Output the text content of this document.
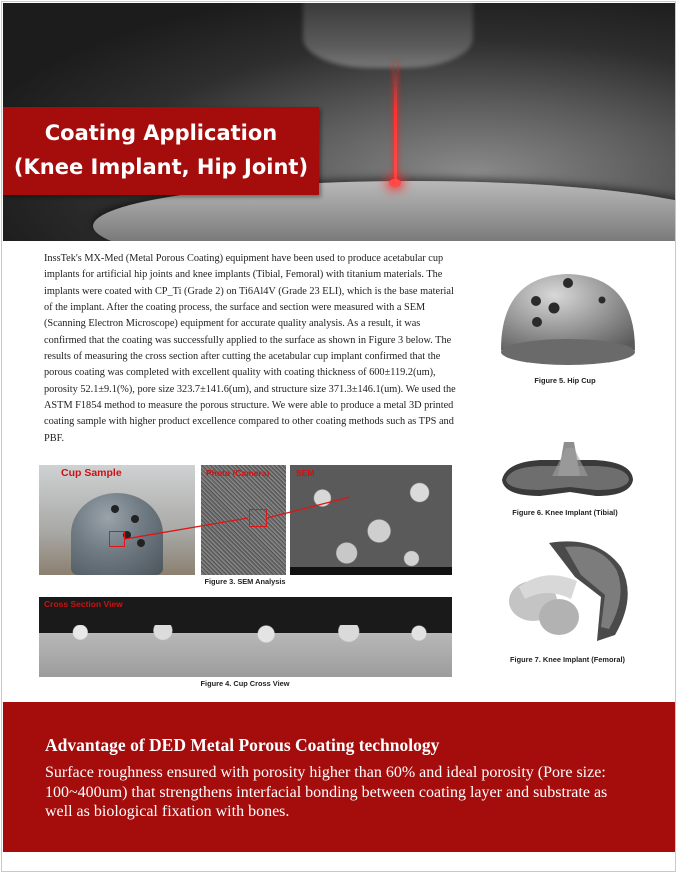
Coating Application
(Knee Implant, Hip Joint)

InssTek's MX-Med (Metal Porous Coating) equipment have been used to produce acetabular cup implants for artificial hip joints and knee implants (Tibial, Femoral) with titanium materials. The implants were coated with CP_Ti (Grade 2) on Ti6Al4V (Grade 23 ELI), which is the base material of the implant. After the coating process, the surface and section were measured with a SEM (Scanning Electron Microscope) equipment for accurate quality analysis. As a result, it was confirmed that the coating was successfully applied to the surface as shown in Figure 3 below. The results of measuring the cross section after cutting the acetabular cup implant confirmed that the porous coating was completed with excellent quality with coating thickness of 600±119.2(um), porosity 52.1±9.1(%), pore size 323.7±141.6(um), and structure size 371.3±146.1(um). We used the ASTM F1854 method to measure the porous structure. We were able to produce a metal 3D printed coating sample with higher product excellence compared to other coating methods such as TPS and PBF.

Cup Sample	Photo (Camera)	SEM
Figure 3. SEM Analysis
Cross Section View
Figure 4. Cup Cross View
Figure 5. Hip Cup
Figure 6. Knee Implant (Tibial)
Figure 7. Knee Implant (Femoral)
Advantage of DED Metal Porous Coating technology
Surface roughness ensured with porosity higher than 60% and ideal porosity (Pore size: 100~400um) that strengthens interfacial bonding between coating layer and substrate as well as biological fixation with bones.
